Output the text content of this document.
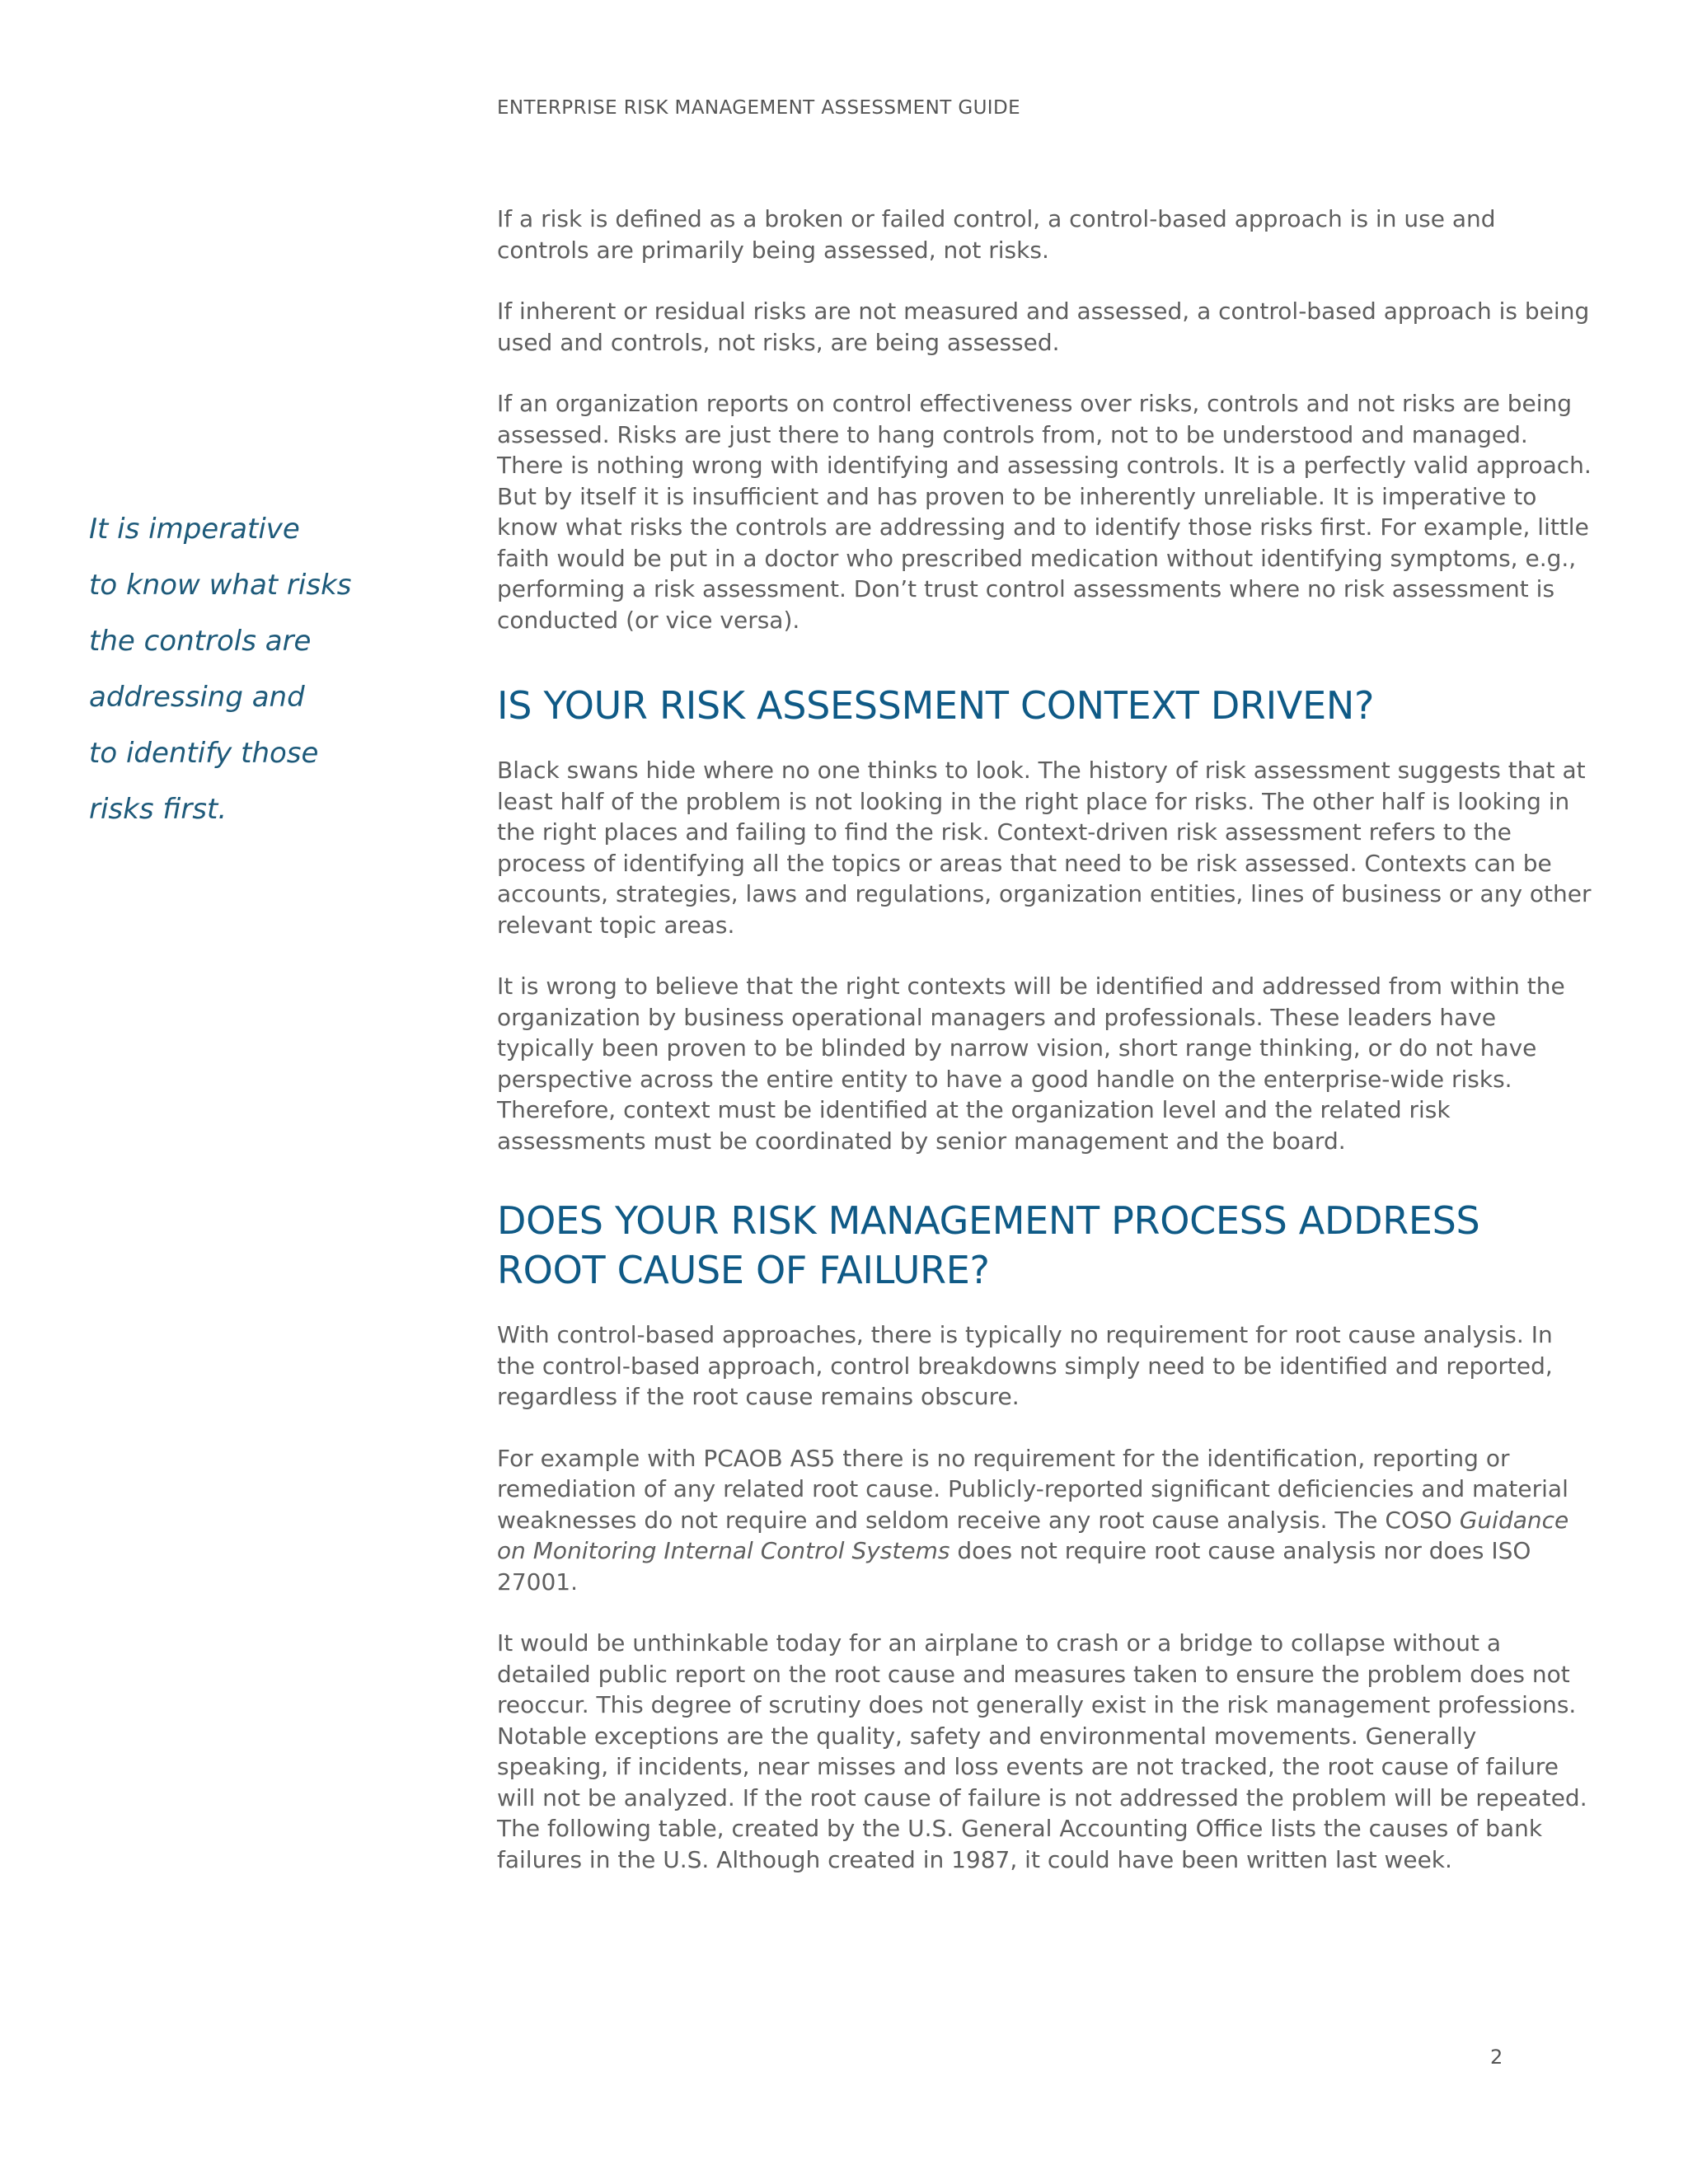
ENTERPRISE RISK MANAGEMENT ASSESSMENT GUIDE
It is imperative
to know what risks
the controls are
addressing and
to identify those
risks first.

If a risk is defined as a broken or failed control, a control-based approach is in use and controls are primarily being assessed, not risks.

If inherent or residual risks are not measured and assessed, a control-based approach is being used and controls, not risks, are being assessed.

If an organization reports on control effectiveness over risks, controls and not risks are being assessed. Risks are just there to hang controls from, not to be understood and managed. There is nothing wrong with identifying and assessing controls. It is a perfectly valid approach. But by itself it is insufficient and has proven to be inherently unreliable. It is imperative to know what risks the controls are addressing and to identify those risks first. For example, little faith would be put in a doctor who prescribed medication without identifying symptoms, e.g., performing a risk assessment. Don’t trust control assessments where no risk assessment is conducted (or vice versa).

IS YOUR RISK ASSESSMENT CONTEXT DRIVEN?

Black swans hide where no one thinks to look. The history of risk assessment suggests that at least half of the problem is not looking in the right place for risks. The other half is looking in the right places and failing to find the risk. Context-driven risk assessment refers to the process of identifying all the topics or areas that need to be risk assessed. Contexts can be accounts, strategies, laws and regulations, organization entities, lines of business or any other relevant topic areas.

It is wrong to believe that the right contexts will be identified and addressed from within the organization by business operational managers and professionals. These leaders have typically been proven to be blinded by narrow vision, short range thinking, or do not have perspective across the entire entity to have a good handle on the enterprise-wide risks. Therefore, context must be identified at the organization level and the related risk assessments must be coordinated by senior management and the board.

DOES YOUR RISK MANAGEMENT PROCESS ADDRESS ROOT CAUSE OF FAILURE?

With control-based approaches, there is typically no requirement for root cause analysis. In the control-based approach, control breakdowns simply need to be identified and reported, regardless if the root cause remains obscure.

For example with PCAOB AS5 there is no requirement for the identification, reporting or remediation of any related root cause. Publicly-reported significant deficiencies and material weaknesses do not require and seldom receive any root cause analysis. The COSO Guidance on Monitoring Internal Control Systems does not require root cause analysis nor does ISO 27001.

It would be unthinkable today for an airplane to crash or a bridge to collapse without a detailed public report on the root cause and measures taken to ensure the problem does not reoccur. This degree of scrutiny does not generally exist in the risk management professions. Notable exceptions are the quality, safety and environmental movements. Generally speaking, if incidents, near misses and loss events are not tracked, the root cause of failure will not be analyzed. If the root cause of failure is not addressed the problem will be repeated. The following table, created by the U.S. General Accounting Office lists the causes of bank failures in the U.S. Although created in 1987, it could have been written last week.

2
